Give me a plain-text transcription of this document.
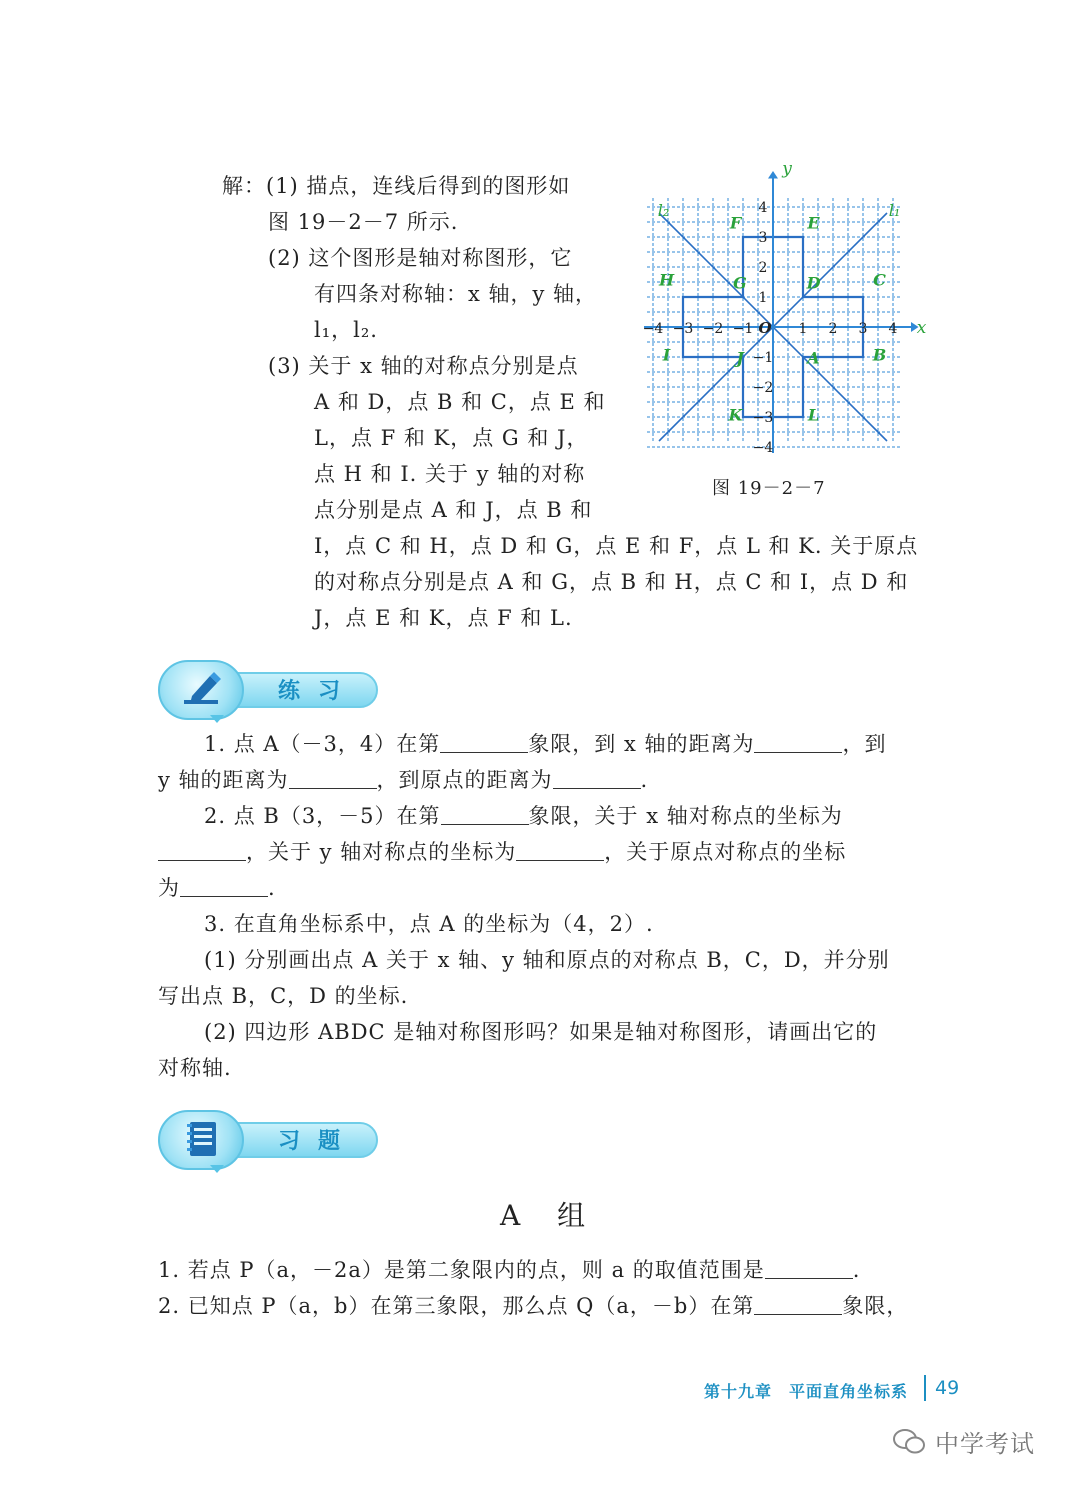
解：(1) 描点，连线后得到的图形如
图 19－2－7 所示.
(2) 这个图形是轴对称图形，它
有四条对称轴：x 轴，y 轴，
l₁，l₂.
(3) 关于 x 轴的对称点分别是点
A 和 D，点 B 和 C，点 E 和
L，点 F 和 K，点 G 和 J，
点 H 和 I. 关于 y 轴的对称
点分别是点 A 和 J，点 B 和
I，点 C 和 H，点 D 和 G，点 E 和 F，点 L 和 K. 关于原点
的对称点分别是点 A 和 G，点 B 和 H，点 C 和 I，点 D 和
J，点 E 和 K，点 F 和 L.
x
y
O
−4 −3 −2 −1	1 2 3 4
4
3
2
1
−1
−2
−3
−4
l₁
l₂
F	E
H	G	D	C
I	J	A	B
K	L
图 19－2－7
练习
1. 点 A（－3，4）在第	象限，到 x 轴的距离为	，到
y 轴的距离为	，到原点的距离为	.
2. 点 B（3，－5）在第	象限，关于 x 轴对称点的坐标为
，关于 y 轴对称点的坐标为	，关于原点对称点的坐标
为	.
3. 在直角坐标系中，点 A 的坐标为（4，2）.
(1) 分别画出点 A 关于 x 轴、y 轴和原点的对称点 B，C，D，并分别
写出点 B，C，D 的坐标.
(2) 四边形 ABDC 是轴对称图形吗？如果是轴对称图形，请画出它的
对称轴.
习题
A 组
1. 若点 P（a，－2a）是第二象限内的点，则 a 的取值范围是	.
2. 已知点 P（a，b）在第三象限，那么点 Q（a，－b）在第	象限，
第十九章　平面直角坐标系 49
中学考试
